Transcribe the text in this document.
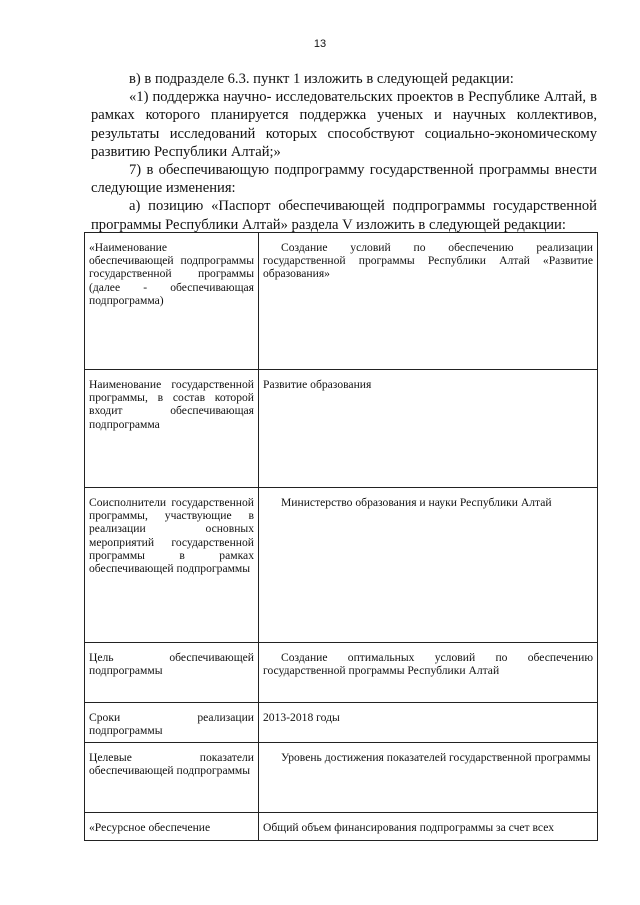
13

в) в подразделе 6.3. пункт 1 изложить в следующей редакции:

«1) поддержка научно- исследовательских проектов в Республике Алтай, в рамках которого планируется поддержка ученых и научных коллективов, результаты исследований которых способствуют социально-экономическому развитию Республики Алтай;»

7) в обеспечивающую подпрограмму государственной программы внести следующие изменения:

а) позицию «Паспорт обеспечивающей подпрограммы государственной программы Республики Алтай» раздела V изложить в следующей редакции:

«Наименование обеспечивающей подпрограммы государственной программы (далее - обеспечивающая подпрограмма)	Создание условий по обеспечению реализации государственной программы Республики Алтай «Развитие образования»

Наименование государственной программы, в состав которой входит обеспечивающая подпрограмма	Развитие образования
Соисполнители государственной программы, участвующие в реализации основных мероприятий государственной программы в рамках обеспечивающей подпрограммы	Министерство образования и науки Республики Алтай

Цель обеспечивающей подпрограммы	Создание оптимальных условий по обеспечению государственной программы Республики Алтай

Сроки реализации подпрограммы	2013-2018 годы
Целевые показатели обеспечивающей подпрограммы	Уровень достижения показателей государственной программы

«Ресурсное обеспечение	Общий объем финансирования подпрограммы за счет всех
